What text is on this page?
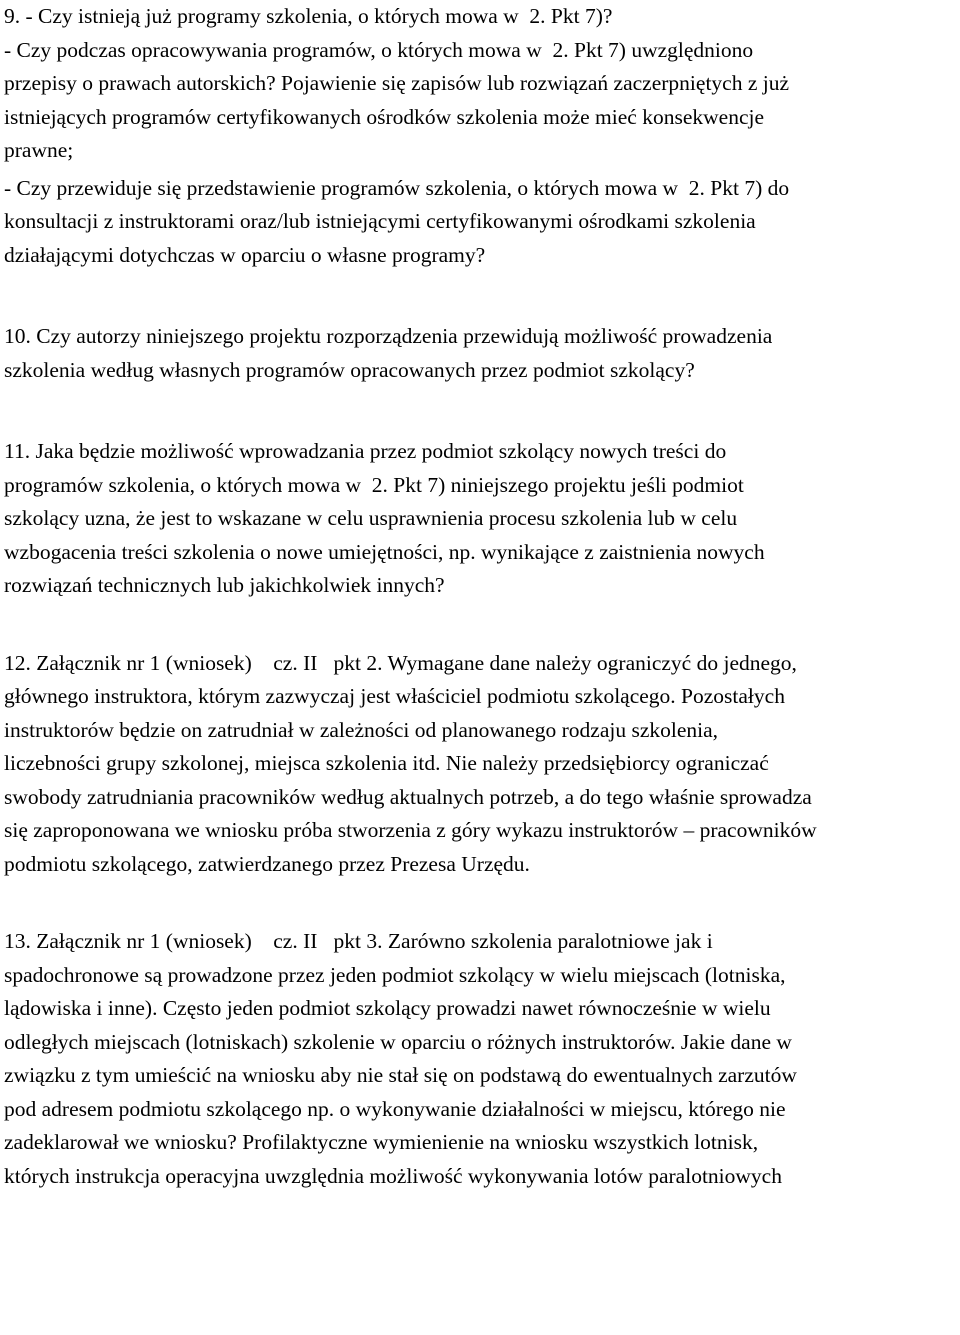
9. - Czy istnieją już programy szkolenia, o których mowa w  2. Pkt 7)?
- Czy podczas opracowywania programów, o których mowa w  2. Pkt 7) uwzględniono
przepisy o prawach autorskich? Pojawienie się zapisów lub rozwiązań zaczerpniętych z już
istniejących programów certyfikowanych ośrodków szkolenia może mieć konsekwencje
prawne;
- Czy przewiduje się przedstawienie programów szkolenia, o których mowa w  2. Pkt 7) do
konsultacji z instruktorami oraz/lub istniejącymi certyfikowanymi ośrodkami szkolenia
działającymi dotychczas w oparciu o własne programy?
10. Czy autorzy niniejszego projektu rozporządzenia przewidują możliwość prowadzenia
szkolenia według własnych programów opracowanych przez podmiot szkolący?
11. Jaka będzie możliwość wprowadzania przez podmiot szkolący nowych treści do
programów szkolenia, o których mowa w  2. Pkt 7) niniejszego projektu jeśli podmiot
szkolący uzna, że jest to wskazane w celu usprawnienia procesu szkolenia lub w celu
wzbogacenia treści szkolenia o nowe umiejętności, np. wynikające z zaistnienia nowych
rozwiązań technicznych lub jakichkolwiek innych?
12. Załącznik nr 1 (wniosek)    cz. II   pkt 2. Wymagane dane należy ograniczyć do jednego,
głównego instruktora, którym zazwyczaj jest właściciel podmiotu szkolącego. Pozostałych
instruktorów będzie on zatrudniał w zależności od planowanego rodzaju szkolenia,
liczebności grupy szkolonej, miejsca szkolenia itd. Nie należy przedsiębiorcy ograniczać
swobody zatrudniania pracowników według aktualnych potrzeb, a do tego właśnie sprowadza
się zaproponowana we wniosku próba stworzenia z góry wykazu instruktorów – pracowników
podmiotu szkolącego, zatwierdzanego przez Prezesa Urzędu.
13. Załącznik nr 1 (wniosek)    cz. II   pkt 3. Zarówno szkolenia paralotniowe jak i
spadochronowe są prowadzone przez jeden podmiot szkolący w wielu miejscach (lotniska,
lądowiska i inne). Często jeden podmiot szkolący prowadzi nawet równocześnie w wielu
odległych miejscach (lotniskach) szkolenie w oparciu o różnych instruktorów. Jakie dane w
związku z tym umieścić na wniosku aby nie stał się on podstawą do ewentualnych zarzutów
pod adresem podmiotu szkolącego np. o wykonywanie działalności w miejscu, którego nie
zadeklarował we wniosku? Profilaktyczne wymienienie na wniosku wszystkich lotnisk,
których instrukcja operacyjna uwzględnia możliwość wykonywania lotów paralotniowych
